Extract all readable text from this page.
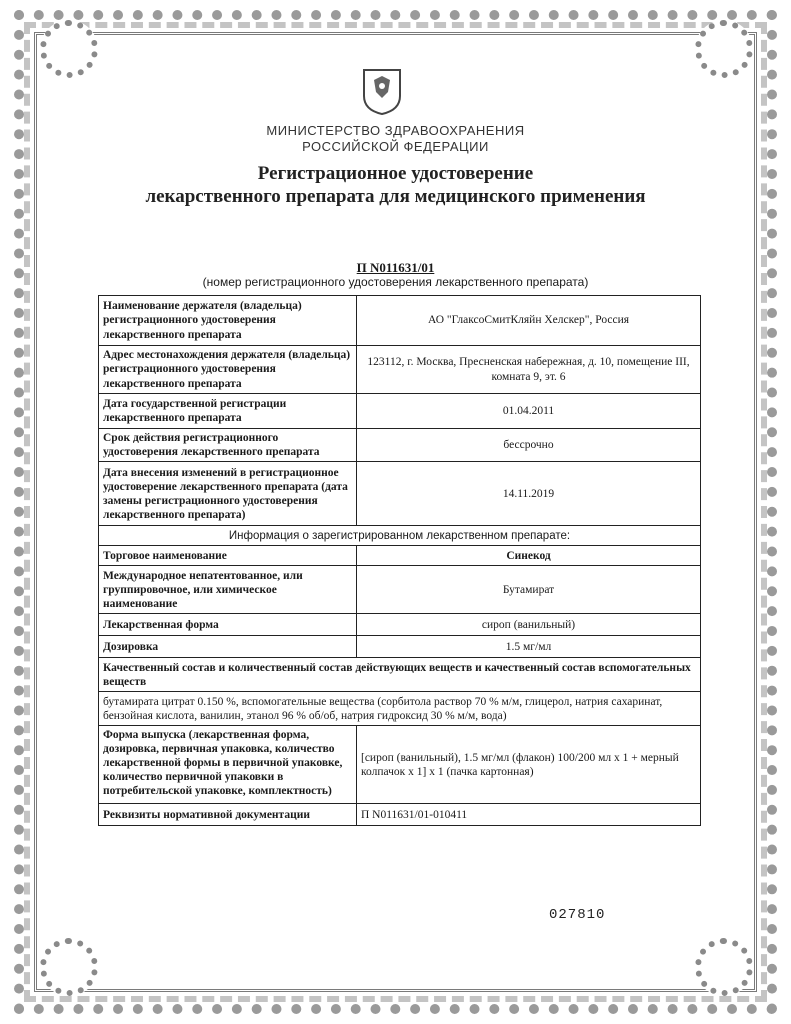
МИНИСТЕРСТВО ЗДРАВООХРАНЕНИЯ
РОССИЙСКОЙ ФЕДЕРАЦИИ
Регистрационное удостоверение
лекарственного препарата для медицинского применения
П N011631/01
(номер регистрационного удостоверения лекарственного препарата)
Наименование держателя (владельца) регистрационного удостоверения лекарственного препарата	АО "ГлаксоСмитКляйн Хелскер", Россия
Адрес местонахождения держателя (владельца) регистрационного удостоверения лекарственного препарата	123112, г. Москва, Пресненская набережная, д. 10, помещение III, комната 9, эт. 6
Дата государственной регистрации лекарственного препарата	01.04.2011
Срок действия регистрационного удостоверения лекарственного препарата	бессрочно
Дата внесения изменений в регистрационное удостоверение лекарственного препарата (дата замены регистрационного удостоверения лекарственного препарата)	14.11.2019
Информация о зарегистрированном лекарственном препарате:	
Торговое наименование	Синекод
Международное непатентованное, или группировочное, или химическое наименование	Бутамират
Лекарственная форма	сироп (ванильный)
Дозировка	1.5 мг/мл
Качественный состав и количественный состав действующих веществ и качественный состав вспомогательных веществ	
бутамирата цитрат 0.150 %, вспомогательные вещества (сорбитола раствор 70 % м/м, глицерол, натрия сахаринат, бензойная кислота, ванилин, этанол 96 % об/об, натрия гидроксид 30 % м/м, вода)	
Форма выпуска (лекарственная форма, дозировка, первичная упаковка, количество лекарственной формы в первичной упаковке, количество первичной упаковки в потребительской упаковке, комплектность)	[сироп (ванильный), 1.5 мг/мл (флакон) 100/200 мл x 1 + мерный колпачок x 1] x 1 (пачка картонная)
Реквизиты нормативной документации	П N011631/01-010411
027810
